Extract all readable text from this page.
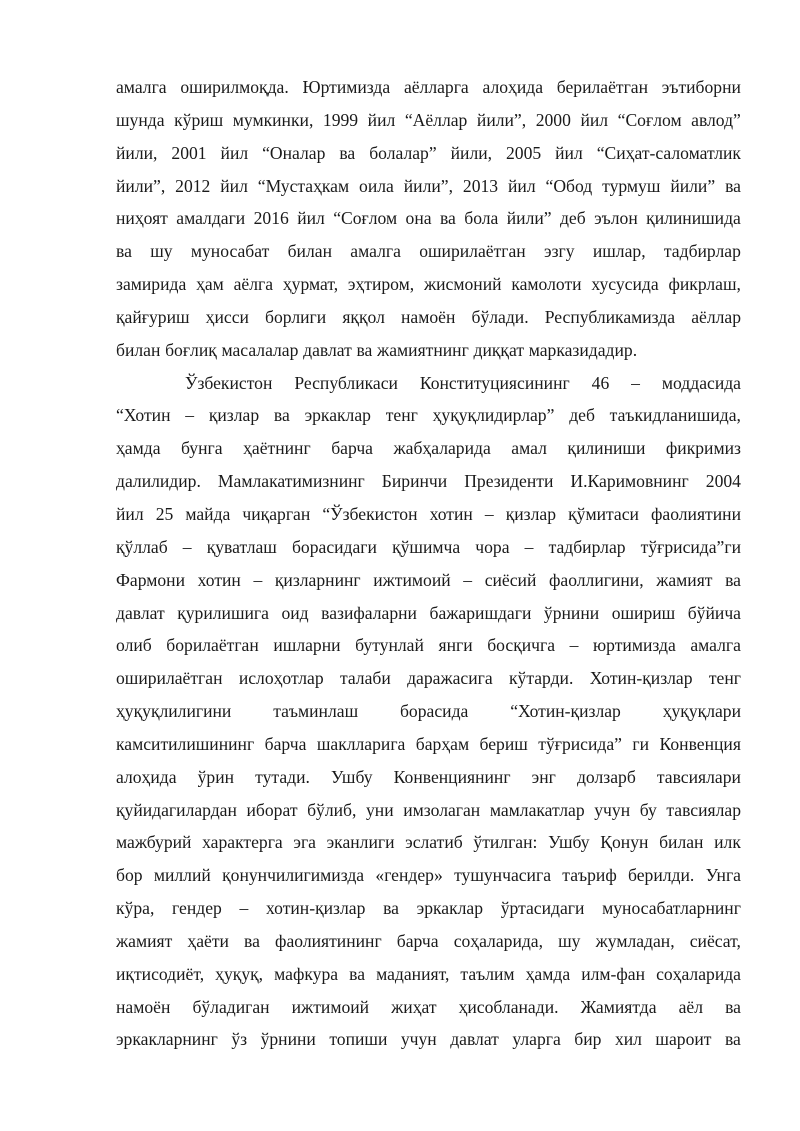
амалга оширилмоқда. Юртимизда аёлларга алоҳида берилаётган эътиборни
шунда кўриш мумкинки, 1999 йил “Аёллар йили”, 2000 йил “Соғлом авлод”
йили, 2001 йил “Оналар ва болалар” йили, 2005 йил “Сиҳат-саломатлик
йили”, 2012 йил “Мустаҳкам оила йили”, 2013 йил “Обод турмуш йили” ва
ниҳоят амалдаги 2016 йил “Соғлом она ва бола йили” деб эълон қилинишида
ва шу муносабат билан амалга оширилаётган эзгу ишлар, тадбирлар
замирида ҳам аёлга ҳурмат, эҳтиром, жисмоний камолоти хусусида фикрлаш,
қайғуриш ҳисси борлиги яққол намоён бўлади. Республикамизда аёллар
билан боғлиқ масалалар давлат ва жамиятнинг диққат марказидадир.
Ўзбекистон Республикаси Конституциясининг 46 – моддасида
“Хотин – қизлар ва эркаклар тенг ҳуқуқлидирлар” деб таъкидланишида,
ҳамда бунга ҳаётнинг барча жабҳаларида амал қилиниши фикримиз
далилидир. Мамлакатимизнинг Биринчи Президенти И.Каримовнинг 2004
йил 25 майда чиқарган “Ўзбекистон хотин – қизлар қўмитаси фаолиятини
қўллаб – қуватлаш борасидаги қўшимча чора – тадбирлар тўғрисида”ги
Фармони хотин – қизларнинг ижтимоий – сиёсий фаоллигини, жамият ва
давлат қурилишига оид вазифаларни бажаришдаги ўрнини ошириш бўйича
олиб борилаётган ишларни бутунлай янги босқичга – юртимизда амалга
оширилаётган ислоҳотлар талаби даражасига кўтарди. Хотин-қизлар тенг
ҳуқуқлилигини таъминлаш борасида “Хотин-қизлар ҳуқуқлари
камситилишининг барча шаклларига барҳам бериш тўғрисида” ги Конвенция
алоҳида ўрин тутади. Ушбу Конвенциянинг энг долзарб тавсиялари
қуйидагилардан иборат бўлиб, уни имзолаган мамлакатлар учун бу тавсиялар
мажбурий характерга эга эканлиги эслатиб ўтилган: Ушбу Қонун билан илк
бор миллий қонунчилигимизда «гендер» тушунчасига таъриф берилди. Унга
кўра, гендер – хотин-қизлар ва эркаклар ўртасидаги муносабатларнинг
жамият ҳаёти ва фаолиятининг барча соҳаларида, шу жумладан, сиёсат,
иқтисодиёт, ҳуқуқ, мафкура ва маданият, таълим ҳамда илм-фан соҳаларида
намоён бўладиган ижтимоий жиҳат ҳисобланади. Жамиятда аёл ва
эркакларнинг ўз ўрнини топиши учун давлат уларга бир хил шароит ва
